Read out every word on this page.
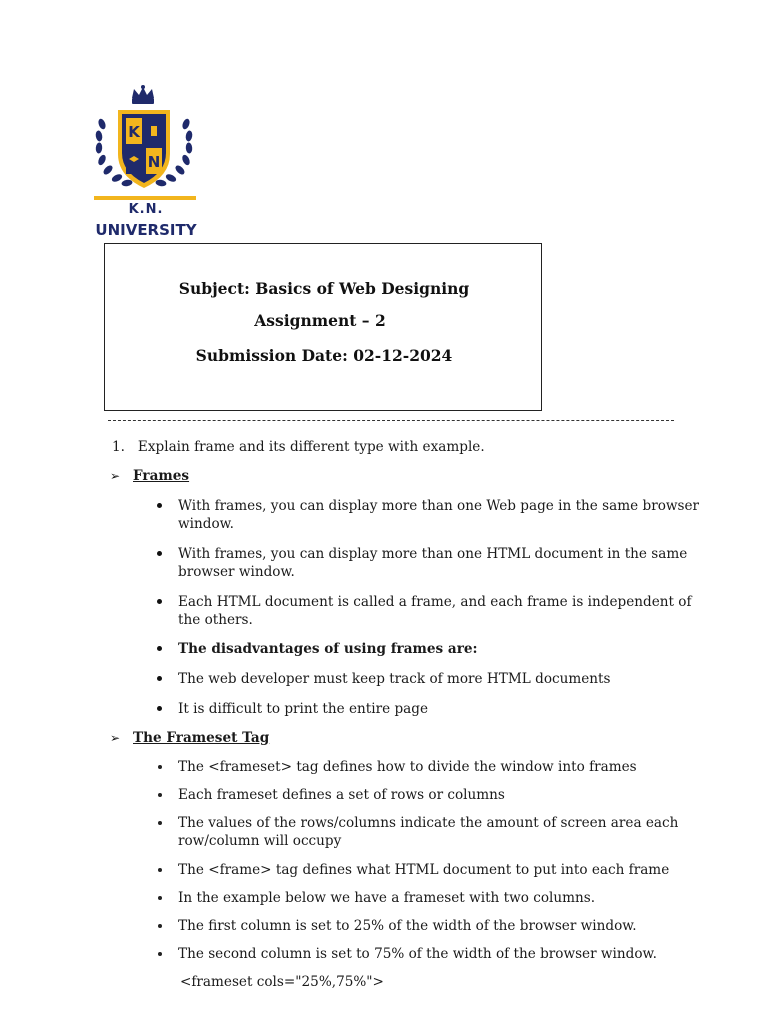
K
N
K.N.
UNIVERSITY
Subject: Basics of Web Designing
Assignment – 2
Submission Date: 02-12-2024
1.   Explain frame and its different type with example.
➢ Frames
With frames, you can display more than one Web page in the same browser
window.
With frames, you can display more than one HTML document in the same
browser window.
Each HTML document is called a frame, and each frame is independent of
the others.
The disadvantages of using frames are:
The web developer must keep track of more HTML documents
It is difficult to print the entire page
➢ The Frameset Tag
The <frameset> tag defines how to divide the window into frames
Each frameset defines a set of rows or columns
The values of the rows/columns indicate the amount of screen area each
row/column will occupy
The <frame> tag defines what HTML document to put into each frame
In the example below we have a frameset with two columns.
The first column is set to 25% of the width of the browser window.
The second column is set to 75% of the width of the browser window.
<frameset cols="25%,75%">
